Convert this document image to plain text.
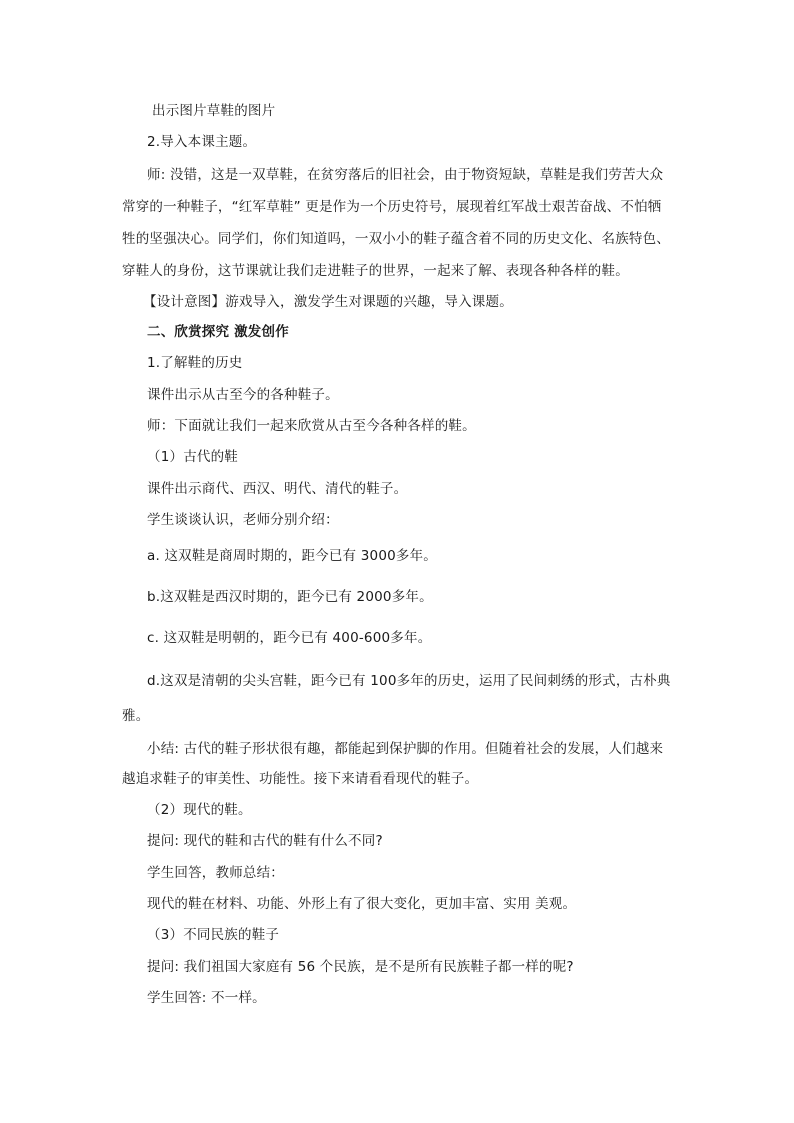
出示图片草鞋的图片
2.导入本课主题。
师: 没错，这是一双草鞋，在贫穷落后的旧社会，由于物资短缺，草鞋是我们劳苦大众
常穿的一种鞋子，“红军草鞋” 更是作为一个历史符号，展现着红军战士艰苦奋战、不怕牺
牲的坚强决心。同学们，你们知道吗，一双小小的鞋子蕴含着不同的历史文化、名族特色、
穿鞋人的身份，这节课就让我们走进鞋子的世界，一起来了解、表现各种各样的鞋。
【设计意图】游戏导入，激发学生对课题的兴趣，导入课题。
二、欣赏探究 激发创作
1.了解鞋的历史
课件出示从古至今的各种鞋子。
师：下面就让我们一起来欣赏从古至今各种各样的鞋。
（1）古代的鞋
课件出示商代、西汉、明代、清代的鞋子。
学生谈谈认识，老师分别介绍：
a. 这双鞋是商周时期的，距今已有 3000多年。
b.这双鞋是西汉时期的，距今已有 2000多年。
c. 这双鞋是明朝的，距今已有 400-600多年。
d.这双是清朝的尖头宫鞋，距今已有 100多年的历史，运用了民间刺绣的形式，古朴典
雅。
小结: 古代的鞋子形状很有趣，都能起到保护脚的作用。但随着社会的发展，人们越来
越追求鞋子的审美性、功能性。接下来请看看现代的鞋子。
（2）现代的鞋。
提问: 现代的鞋和古代的鞋有什么不同?
学生回答，教师总结：
现代的鞋在材料、功能、外形上有了很大变化，更加丰富、实用 美观。
（3）不同民族的鞋子
提问: 我们祖国大家庭有 56 个民族，是不是所有民族鞋子都一样的呢?
学生回答: 不一样。
